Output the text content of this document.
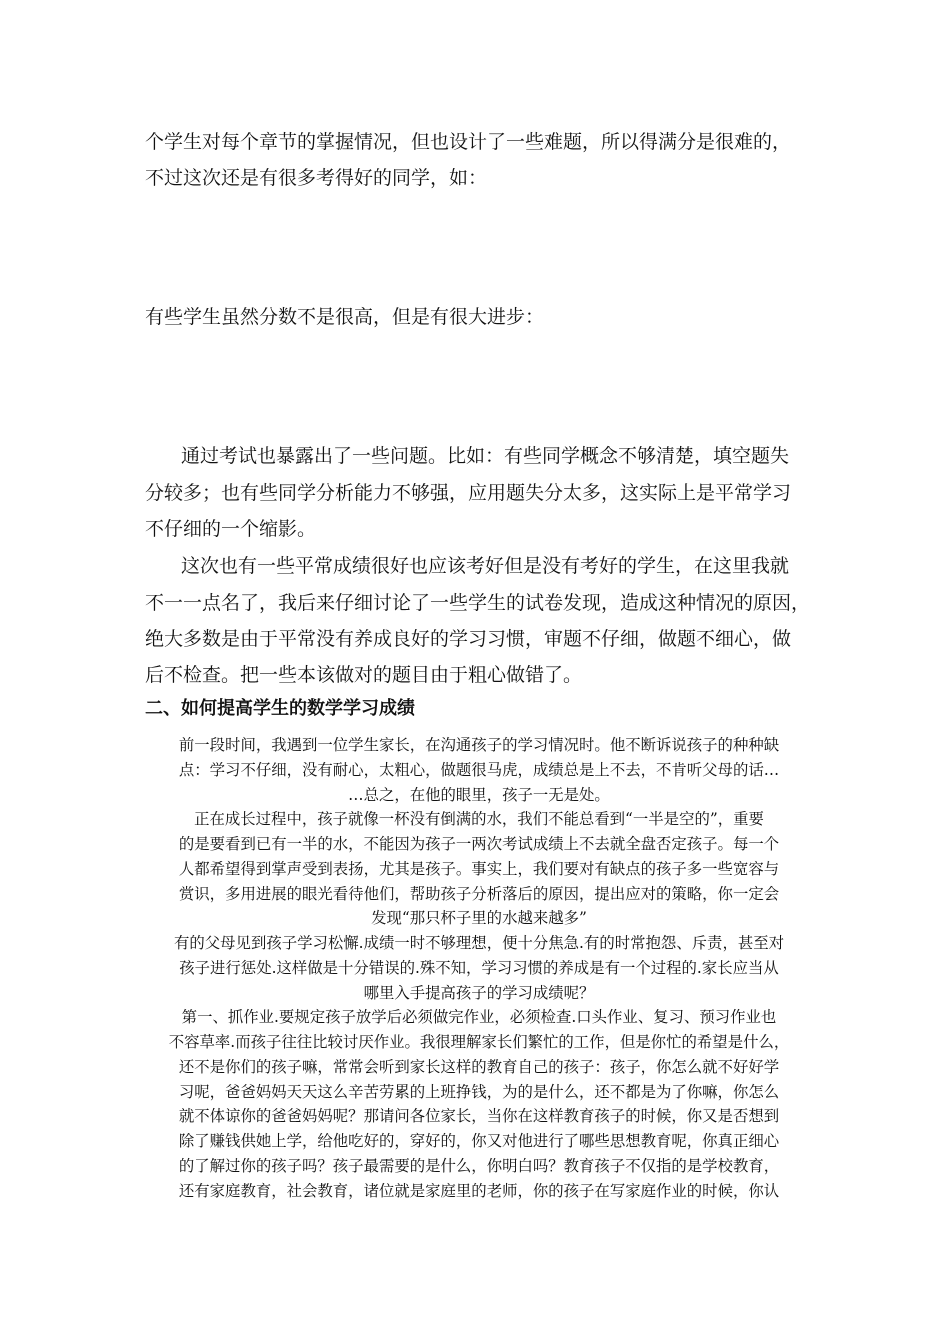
个学生对每个章节的掌握情况，但也设计了一些难题，所以得满分是很难的，

不过这次还是有很多考得好的同学，如：

有些学生虽然分数不是很高，但是有很大进步：

通过考试也暴露出了一些问题。比如：有些同学概念不够清楚，填空题失

分较多；也有些同学分析能力不够强，应用题失分太多，这实际上是平常学习

不仔细的一个缩影。

这次也有一些平常成绩很好也应该考好但是没有考好的学生，在这里我就

不一一点名了，我后来仔细讨论了一些学生的试卷发现，造成这种情况的原因，

绝大多数是由于平常没有养成良好的学习习惯，审题不仔细，做题不细心，做

后不检查。把一些本该做对的题目由于粗心做错了。

二、如何提高学生的数学学习成绩

前一段时间，我遇到一位学生家长，在沟通孩子的学习情况时。他不断诉说孩子的种种缺

点：学习不仔细，没有耐心，太粗心，做题很马虎，成绩总是上不去，不肯听父母的话…

…总之，在他的眼里，孩子一无是处。

正在成长过程中，孩子就像一杯没有倒满的水，我们不能总看到“一半是空的”，重要

的是要看到已有一半的水，不能因为孩子一两次考试成绩上不去就全盘否定孩子。每一个

人都希望得到掌声受到表扬，尤其是孩子。事实上，我们要对有缺点的孩子多一些宽容与

赏识，多用进展的眼光看待他们，帮助孩子分析落后的原因，提出应对的策略，你一定会

发现“那只杯子里的水越来越多”

有的父母见到孩子学习松懈.成绩一时不够理想，便十分焦急.有的时常抱怨、斥责，甚至对

孩子进行惩处.这样做是十分错误的.殊不知，学习习惯的养成是有一个过程的.家长应当从

哪里入手提高孩子的学习成绩呢？

第一、抓作业.要规定孩子放学后必须做完作业，必须检查.口头作业、复习、预习作业也

不容草率.而孩子往往比较讨厌作业。我很理解家长们繁忙的工作，但是你忙的希望是什么，

还不是你们的孩子嘛，常常会听到家长这样的教育自己的孩子：孩子，你怎么就不好好学

习呢，爸爸妈妈天天这么辛苦劳累的上班挣钱，为的是什么，还不都是为了你嘛，你怎么

就不体谅你的爸爸妈妈呢？那请问各位家长，当你在这样教育孩子的时候，你又是否想到

除了赚钱供她上学，给他吃好的，穿好的，你又对他进行了哪些思想教育呢，你真正细心

的了解过你的孩子吗？孩子最需要的是什么，你明白吗？教育孩子不仅指的是学校教育，

还有家庭教育，社会教育，诸位就是家庭里的老师，你的孩子在写家庭作业的时候，你认
